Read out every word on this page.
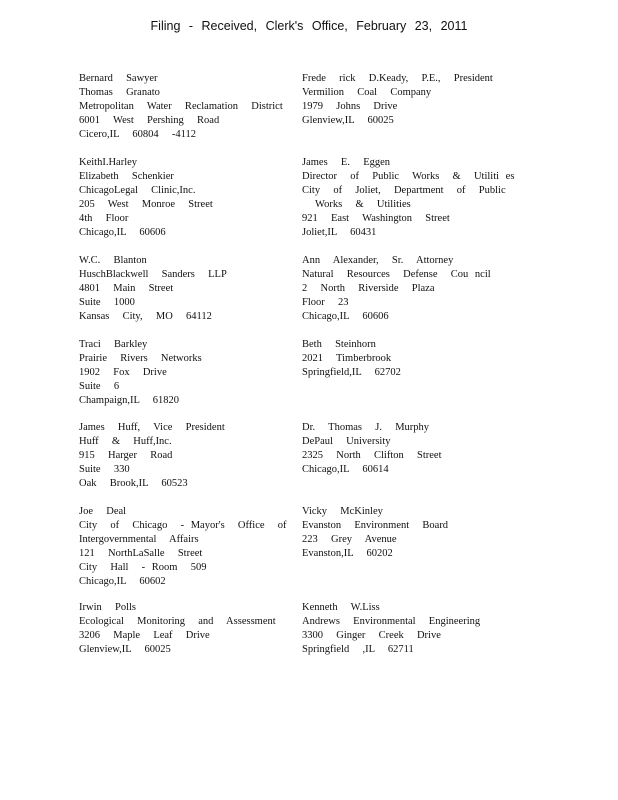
Filing - Received, Clerk's Office, February 23, 2011
Bernard  Sawyer
Thomas  Granato
Metropolitan  Water  Reclamation  District
6001  West  Pershing  Road
Cicero,IL  60804  -4112
KeithI.Harley
Elizabeth  Schenkier
ChicagoLegal  Clinic,Inc.
205  West  Monroe  Street
4th  Floor
Chicago,IL  60606
W.C.  Blanton
HuschBlackwell  Sanders  LLP
4801  Main  Street
Suite  1000
Kansas  City,  MO  64112
Traci  Barkley
Prairie  Rivers  Networks
1902  Fox  Drive
Suite  6
Champaign,IL  61820
James  Huff,  Vice  President
Huff  &  Huff,Inc.
915  Harger  Road
Suite  330
Oak  Brook,IL  60523
Joe  Deal
City  of  Chicago  - Mayor's  Office  of
Intergovernmental  Affairs
121  NorthLaSalle  Street
City  Hall  - Room  509
Chicago,IL  60602
Irwin  Polls
Ecological  Monitoring  and  Assessment
3206  Maple  Leaf  Drive
Glenview,IL  60025
Frede  rick  D.Keady,  P.E.,  President
Vermilion  Coal  Company
1979  Johns  Drive
Glenview,IL  60025
James  E.  Eggen
Director  of  Public  Works  &  Utiliti es
City  of  Joliet,  Department  of  Public
Works  &  Utilities
921  East  Washington  Street
Joliet,IL  60431
Ann  Alexander,  Sr.  Attorney
Natural  Resources  Defense  Cou ncil
2  North  Riverside  Plaza
Floor  23
Chicago,IL  60606
Beth  Steinhorn
2021  Timberbrook
Springfield,IL  62702
Dr.  Thomas  J.  Murphy
DePaul  University
2325  North  Clifton  Street
Chicago,IL  60614
Vicky  McKinley
Evanston  Environment  Board
223  Grey  Avenue
Evanston,IL  60202
Kenneth  W.Liss
Andrews  Environmental  Engineering
3300  Ginger  Creek  Drive
Springfield  ,IL  62711
